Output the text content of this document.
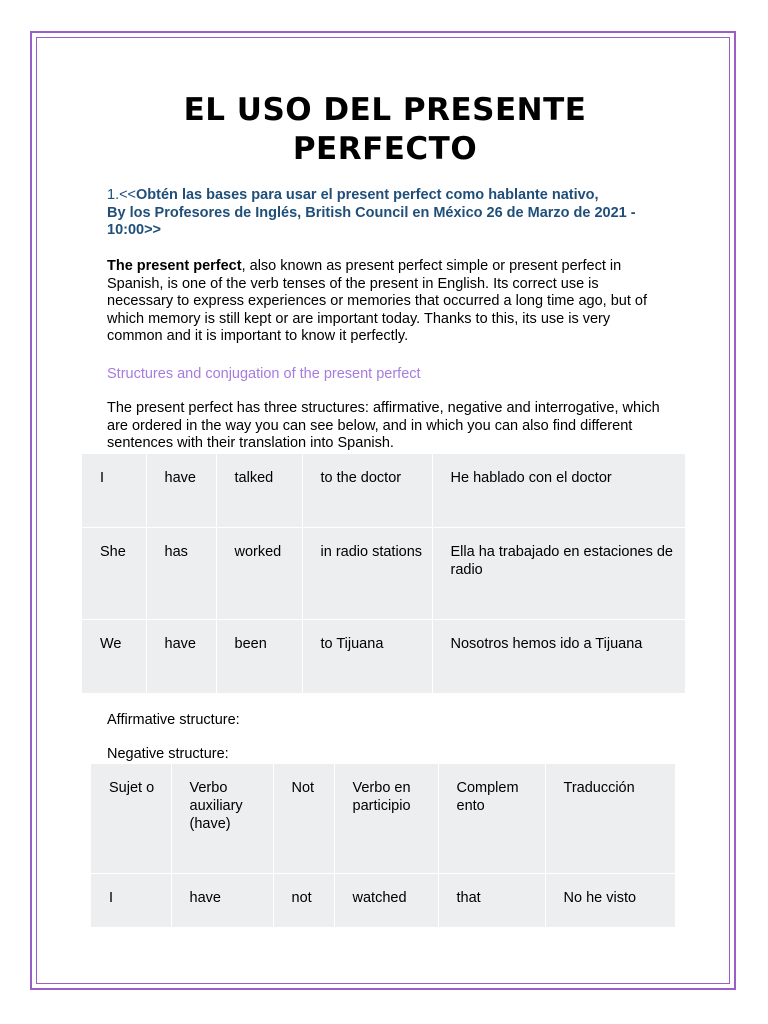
EL USO DEL PRESENTE PERFECTO
1.<<Obtén las bases para usar el present perfect como hablante nativo,
By los Profesores de Inglés, British Council en México 26 de Marzo de 2021 - 10:00>>
The present perfect, also known as present perfect simple or present perfect in Spanish, is one of the verb tenses of the present in English. Its correct use is necessary to express experiences or memories that occurred a long time ago, but of which memory is still kept or are important today. Thanks to this, its use is very common and it is important to know it perfectly.
Structures and conjugation of the present perfect
The present perfect has three structures: affirmative, negative and interrogative, which are ordered in the way you can see below, and in which you can also find different sentences with their translation into Spanish.
I	have	talked	to the doctor	He hablado con el doctor
She	has	worked	in radio stations	Ella ha trabajado en estaciones de radio
We	have	been	to Tijuana	Nosotros hemos ido a Tijuana
Affirmative structure:
Negative structure:
Sujet o	Verbo auxiliary (have)	Not	Verbo en participio	Complem ento	Traducción
I	have	not	watched	that	No he visto
